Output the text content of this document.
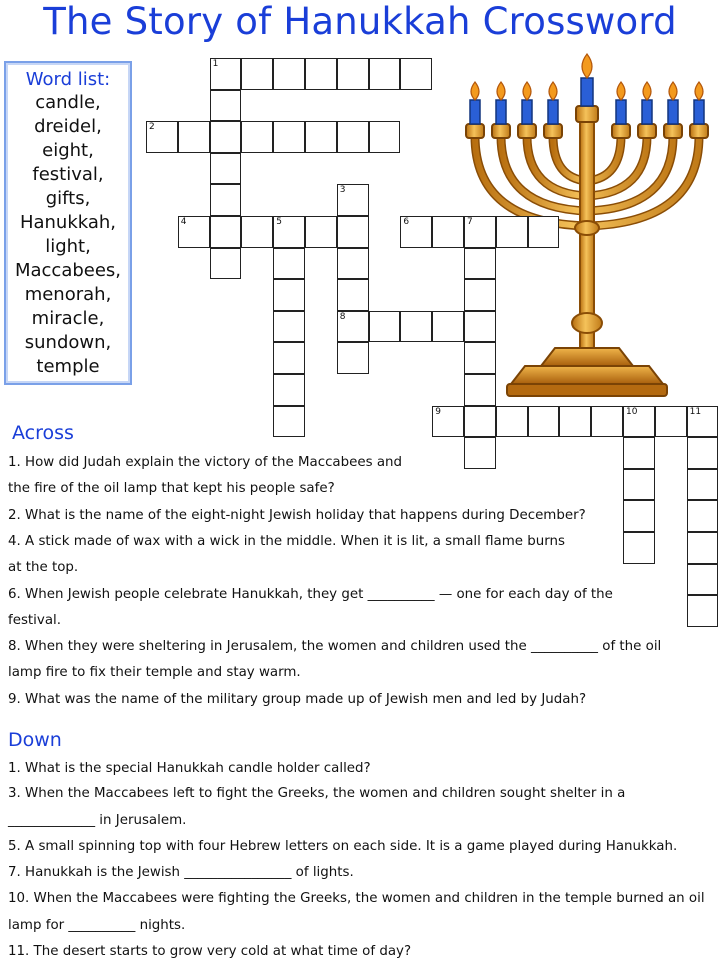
The Story of Hanukkah Crossword
Word list:
candle,
dreidel,
eight,
festival,
gifts,
Hanukkah,
light,
Maccabees,
menorah,
miracle,
sundown,
temple
1
2
4	5	6	7
8
9	10	11
3
Across
1. How did Judah explain the victory of the Maccabees and
the fire of the oil lamp that kept his people safe?
2. What is the name of the eight-night Jewish holiday that happens during December?
4. A stick made of wax with a wick in the middle. When it is lit, a small flame burns
at the top.
6. When Jewish people celebrate Hanukkah, they get __________ — one for each day of the
festival.
8. When they were sheltering in Jerusalem, the women and children used the __________ of the oil
lamp fire to fix their temple and stay warm.
9. What was the name of the military group made up of Jewish men and led by Judah?
Down
1. What is the special Hanukkah candle holder called?
3. When the Maccabees left to fight the Greeks, the women and children sought shelter in a
_____________ in Jerusalem.
5. A small spinning top with four Hebrew letters on each side. It is a game played during Hanukkah.
7. Hanukkah is the Jewish ________________ of lights.
10. When the Maccabees were fighting the Greeks, the women and children in the temple burned an oil
lamp for __________ nights.
11. The desert starts to grow very cold at what time of day?
